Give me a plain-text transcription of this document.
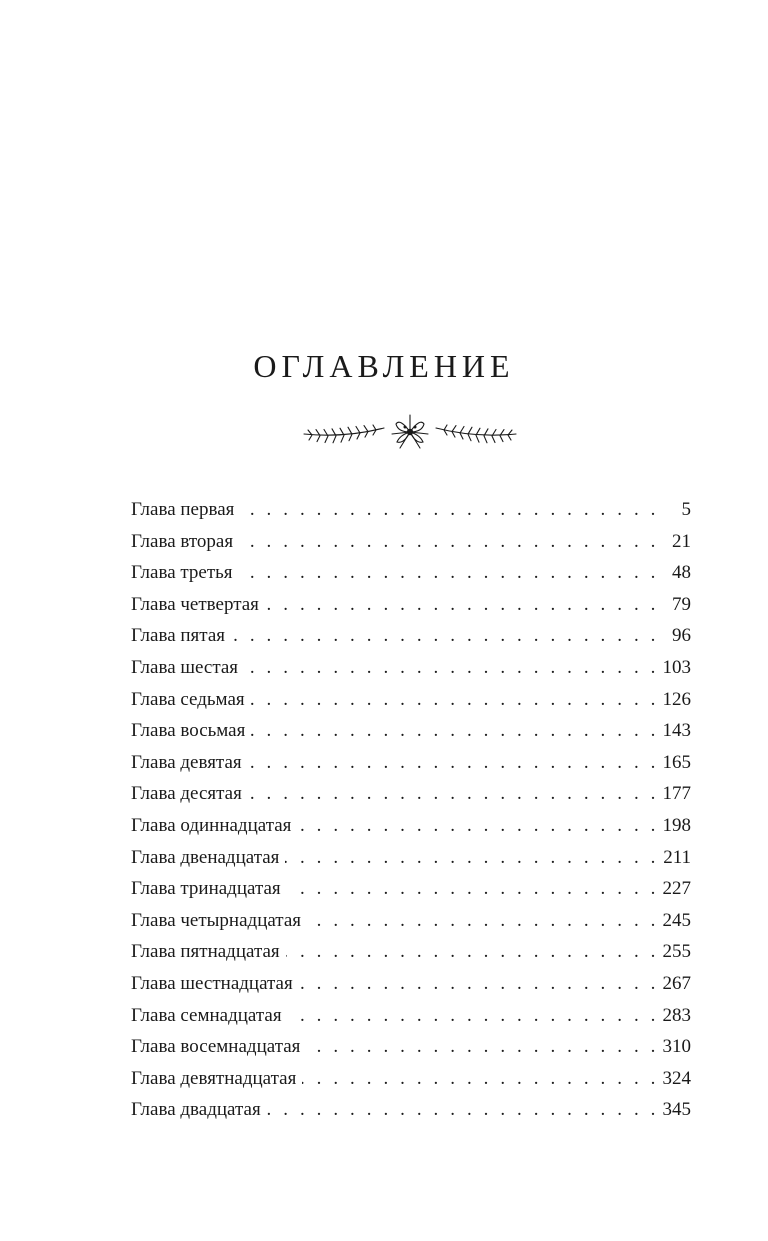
ОГЛАВЛЕНИЕ
Глава первая . . .	5
Глава вторая . . .	21
Глава третья . . .	48
Глава четвертая . . .	79
Глава пятая . . .	96
Глава шестая . . .	103
Глава седьмая . . .	126
Глава восьмая . . .	143
Глава девятая . . .	165
Глава десятая . . .	177
Глава одиннадцатая . . .	198
Глава двенадцатая . . .	211
Глава тринадцатая . . .	227
Глава четырнадцатая . . .	245
Глава пятнадцатая . . .	255
Глава шестнадцатая . . .	267
Глава семнадцатая . . .	283
Глава восемнадцатая . . .	310
Глава девятнадцатая . . .	324
Глава двадцатая . . .	345
